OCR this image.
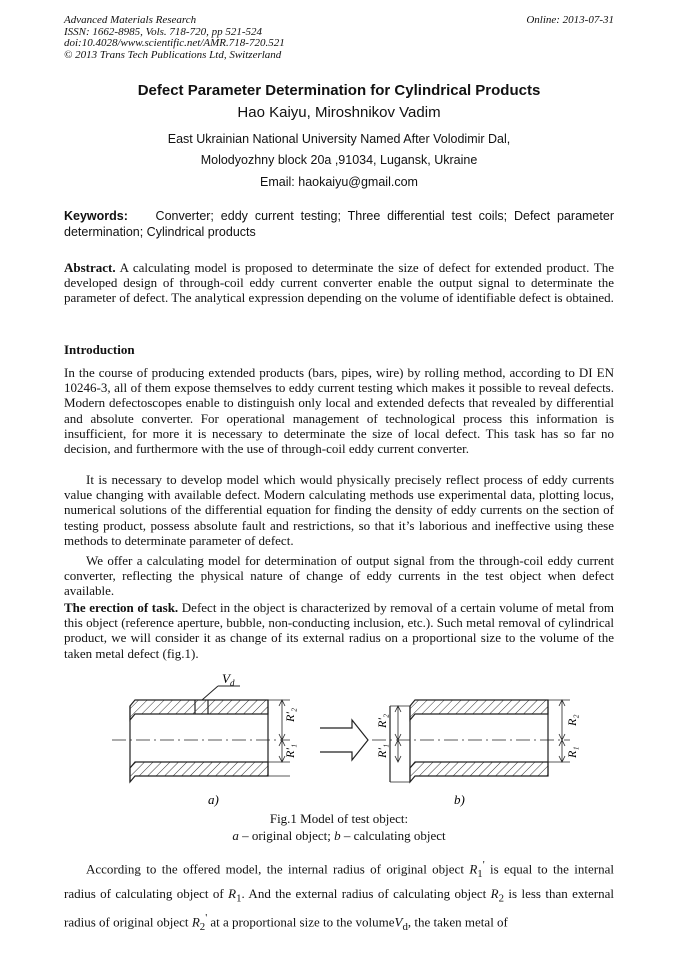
Advanced Materials Research
ISSN: 1662-8985, Vols. 718-720, pp 521-524
doi:10.4028/www.scientific.net/AMR.718-720.521
© 2013 Trans Tech Publications Ltd, Switzerland
Online: 2013-07-31
Defect Parameter Determination for Cylindrical Products
Hao Kaiyu, Miroshnikov Vadim
East Ukrainian National University Named After Volodimir Dal,
Molodyozhny block 20a ,91034, Lugansk, Ukraine
Email: haokaiyu@gmail.com
Keywords: Converter; eddy current testing; Three differential test coils; Defect parameter determination; Cylindrical products
Abstract. A calculating model is proposed to determinate the size of defect for extended product. The developed design of through-coil eddy current converter enable the output signal to determinate the parameter of defect. The analytical expression depending on the volume of identifiable defect is obtained.
Introduction
In the course of producing extended products (bars, pipes, wire) by rolling method, according to DI EN 10246-3, all of them expose themselves to eddy current testing which makes it possible to reveal defects. Modern defectoscopes enable to distinguish only local and extended defects that revealed by differential and absolute converter. For operational management of technological process this information is insufficient, for more it is necessary to determinate the size of local defect. This task has so far no decision, and furthermore with the use of through-coil eddy current converter.
It is necessary to develop model which would physically precisely reflect process of eddy currents value changing with available defect. Modern calculating methods use experimental data, plotting locus, numerical solutions of the differential equation for finding the density of eddy currents on the section of testing product, possess absolute fault and restrictions, so that it’s laborious and ineffective using these methods to determinate parameter of defect.
We offer a calculating model for determination of output signal from the through-coil eddy current converter, reflecting the physical nature of change of eddy currents in the test object when defect available.
The erection of task. Defect in the object is characterized by removal of a certain volume of metal from this object (reference aperture, bubble, non-conducting inclusion, etc.). Such metal removal of cylindrical product, we will consider it as change of its external radius on a proportional size to the volume of the taken metal defect (fig.1).
$V_d$
R'₂
R'₁
R'₂
R'₁
R₂
R₁
a)	b)
Fig.1 Model of test object:
a – original object; b – calculating object
According to the offered model, the internal radius of original object $R_1'$ is equal to the internal radius of calculating object of $R_1$. And the external radius of calculating object $R_2$ is less than external radius of original object $R_2'$ at a proportional size to the volumeV$_d$, the taken metal of
